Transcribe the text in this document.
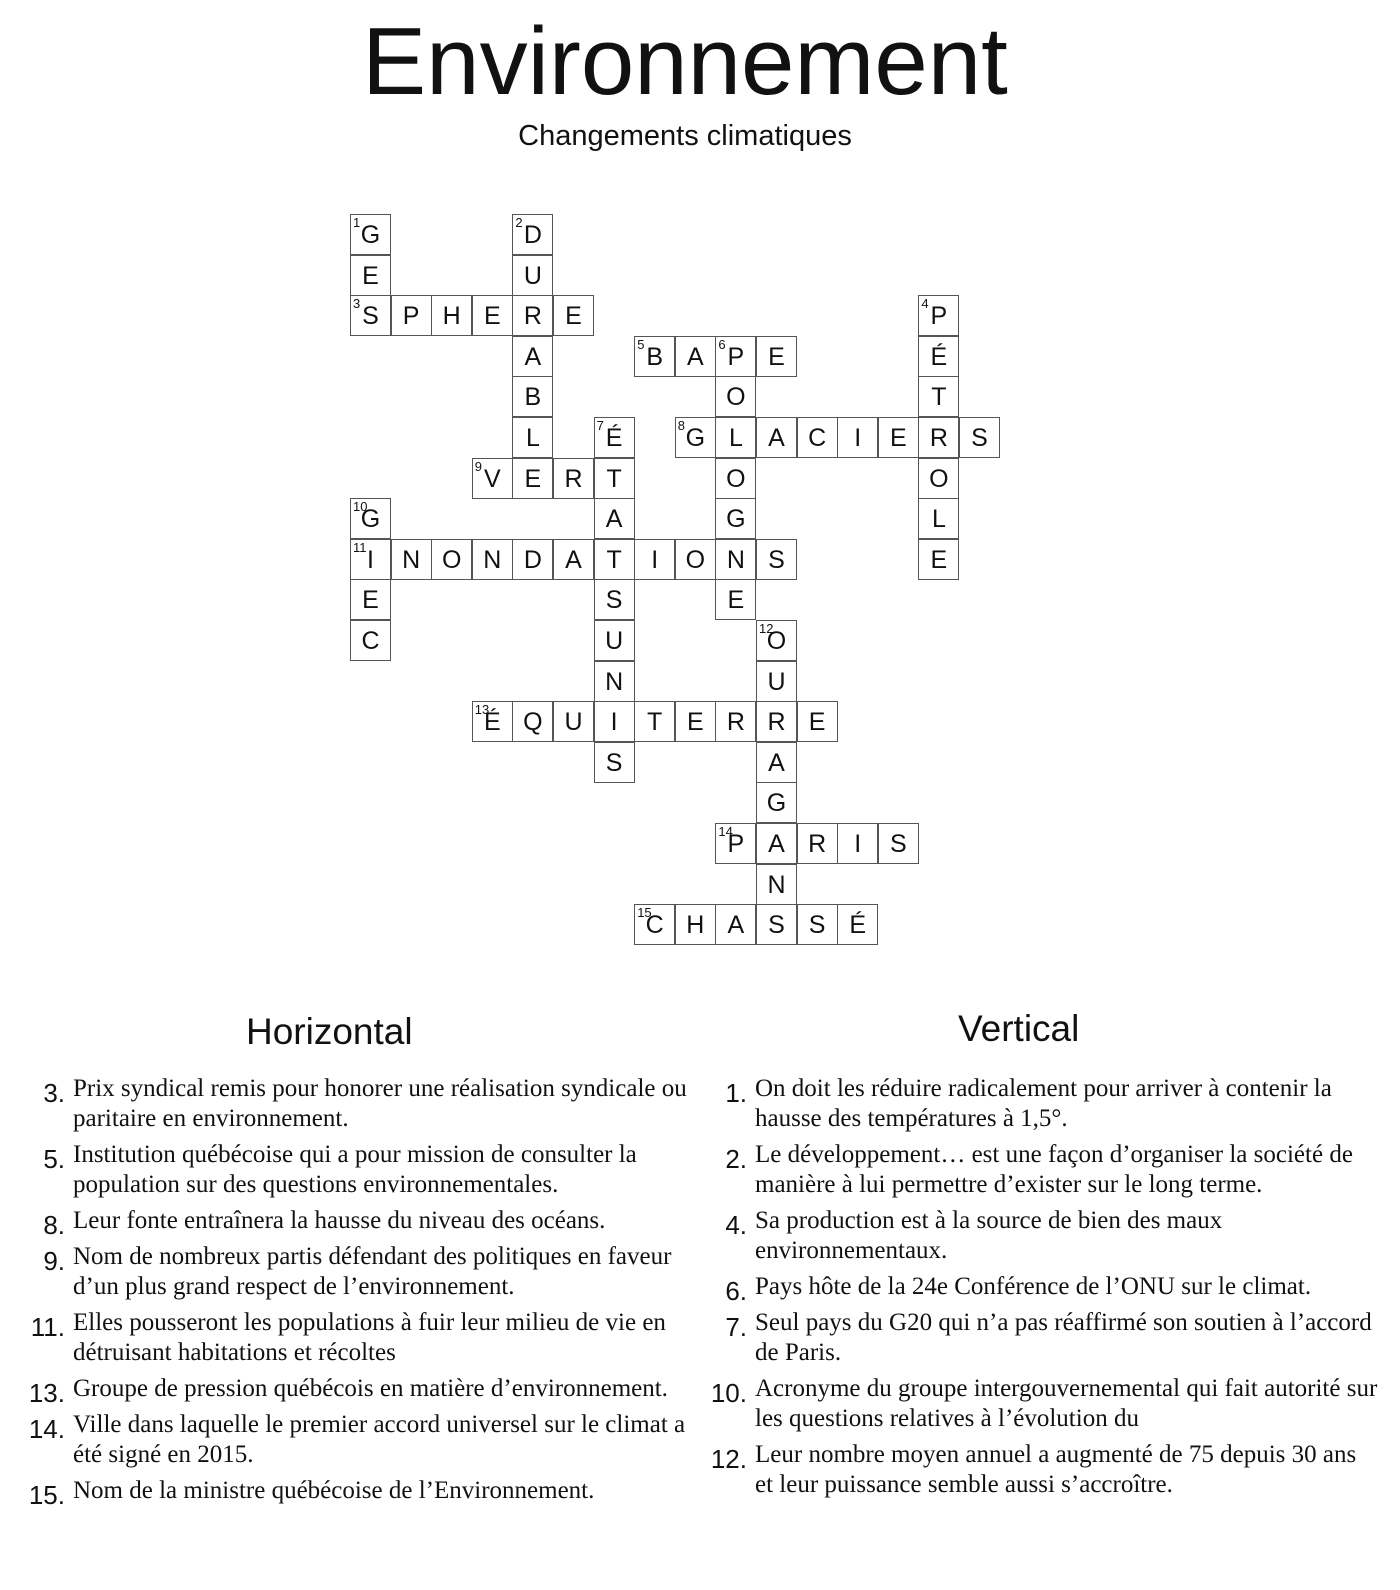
Environnement
Changements climatiques
1 G
E
3 S
2 D
U
R
A
B
L
E
P H E	E	4 P
É
T
R
O
L
E
5 B A	6 P E
O
L
O
G
N
E
7 É
T
A
T
S
U
N
I
S
8 G	A C	I	E	S
9 V	R
10
G
11 I
E
C
N O N D A	I	O	S
12
O
U
R
A
G
A
N
13
É Q U	T E R	E
14
P	R	I	S
15
C H A S S É
Horizontal	Vertical
3. Prix syndical remis pour honorer une réalisation syndicale ou paritaire en environnement.
5. Institution québécoise qui a pour mission de consulter la population sur des questions environnementales.
8. Leur fonte entraînera la hausse du niveau des océans.
9. Nom de nombreux partis défendant des politiques en faveur d’un plus grand respect de l’environnement.
11. Elles pousseront les populations à fuir leur milieu de vie en détruisant habitations et récoltes
13. Groupe de pression québécois en matière d’environnement.
14. Ville dans laquelle le premier accord universel sur le climat a été signé en 2015.
15. Nom de la ministre québécoise de l’Environnement.
1. On doit les réduire radicalement pour arriver à contenir la hausse des températures à 1,5°.
2. Le développement… est une façon d’organiser la société de manière à lui permettre d’exister sur le long terme.
4. Sa production est à la source de bien des maux environnementaux.
6. Pays hôte de la 24e Conférence de l’ONU sur le climat.
7. Seul pays du G20 qui n’a pas réaffirmé son soutien à l’accord de Paris.
10. Acronyme du groupe intergouvernemental qui fait autorité sur les questions relatives à l’évolution du
12. Leur nombre moyen annuel a augmenté de 75 depuis 30 ans et leur puissance semble aussi s’accroître.
